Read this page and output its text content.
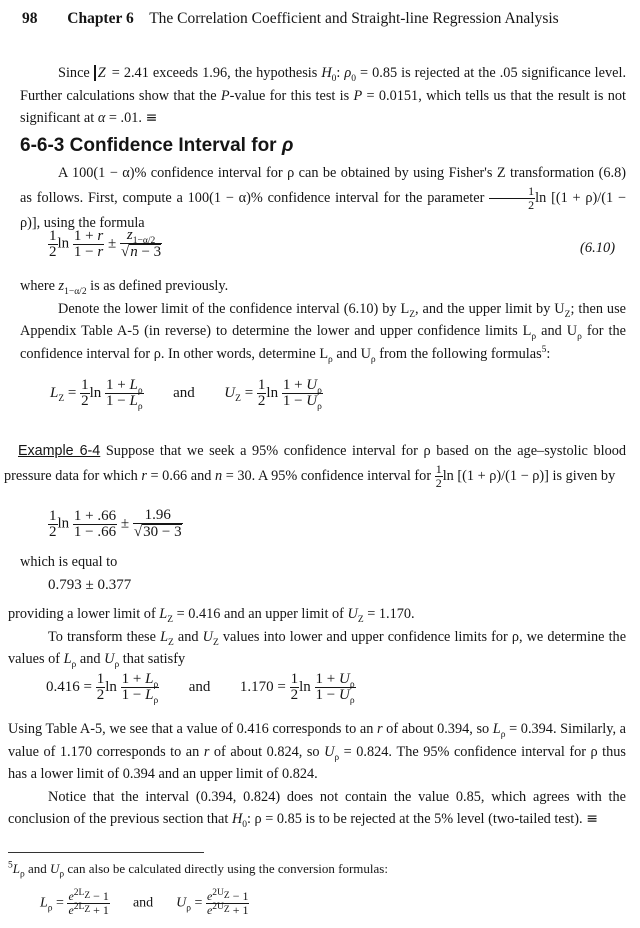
98 Chapter 6 The Correlation Coefficient and Straight-line Regression Analysis
Since Z = 2.41 exceeds 1.96, the hypothesis $H_0$: $\rho_0 = 0.85$ is rejected at the .05 significance level. Further calculations show that the P-value for this test is P = 0.0151, which tells us that the result is not significant at α = .01. ≡
6-6-3 Confidence Interval for ρ
A 100(1 − α)% confidence interval for ρ can be obtained by using Fisher's Z transformation (6.8) as follows. First, compute a 100(1 − α)% confidence interval for the parameter $\frac{1}{2}$ ln [(1 + ρ)/(1 − ρ)], using the formula
$\frac{1}{2}$ $\ln \frac{1 + r}{1 - r} \pm \frac{z_{1-\alpha/2}}{√n - 3}$	(6.10)
where $z_{1-\alpha/2}$ is as defined previously.
Denote the lower limit of the confidence interval (6.10) by $L_Z$, and the upper limit by $U_Z$; then use Appendix Table A-5 (in reverse) to determine the lower and upper confidence limits $L_\rho$ and $U_\rho$ for the confidence interval for ρ. In other words, determine $L_\rho$ and $U_\rho$ from the following formulas$^5$:
$L_Z = \frac{1}{2}$ $\ln \frac{1 + L_\rho}{1 - L_\rho}$ and $U_Z = \frac{1}{2}$ $\ln \frac{1 + U_\rho}{1 - U_\rho}$
Example 6-4 Suppose that we seek a 95% confidence interval for ρ based on the age–systolic blood pressure data for which r = 0.66 and n = 30. A 95% confidence interval for $\frac{1}{2}$ ln [(1 + ρ)/(1 − ρ)] is given by
$\frac{1}{2}$ $\ln \frac{1 + .66}{1 - .66} \pm \frac{1.96}{√30 - 3}$
which is equal to
0.793 ± 0.377
providing a lower limit of $L_Z = 0.416$ and an upper limit of $U_Z = 1.170$.
To transform these $L_Z$ and $U_Z$ values into lower and upper confidence limits for ρ, we determine the values of $L_\rho$ and $U_\rho$ that satisfy
$0.416 = \frac{1}{2}$ $\ln \frac{1 + L_\rho}{1 - L_\rho}$ and $1.170 = \frac{1}{2}$ $\ln \frac{1 + U_\rho}{1 - U_\rho}$
Using Table A-5, we see that a value of 0.416 corresponds to an r of about 0.394, so $L_\rho = 0.394$. Similarly, a value of 1.170 corresponds to an r of about 0.824, so $U_\rho = 0.824$. The 95% confidence interval for ρ thus has a lower limit of 0.394 and an upper limit of 0.824.
Notice that the interval (0.394, 0.824) does not contain the value 0.85, which agrees with the conclusion of the previous section that $H_0$: ρ = 0.85 is to be rejected at the 5% level (two-tailed test). ≡
$^5L_\rho$ and $U_\rho$ can also be calculated directly using the conversion formulas:
$L_\rho = \frac{e^{2L_Z} - 1}{e^{2L_Z} + 1}$ and $U_\rho = \frac{e^{2U_Z} - 1}{e^{2U_Z} + 1}$
